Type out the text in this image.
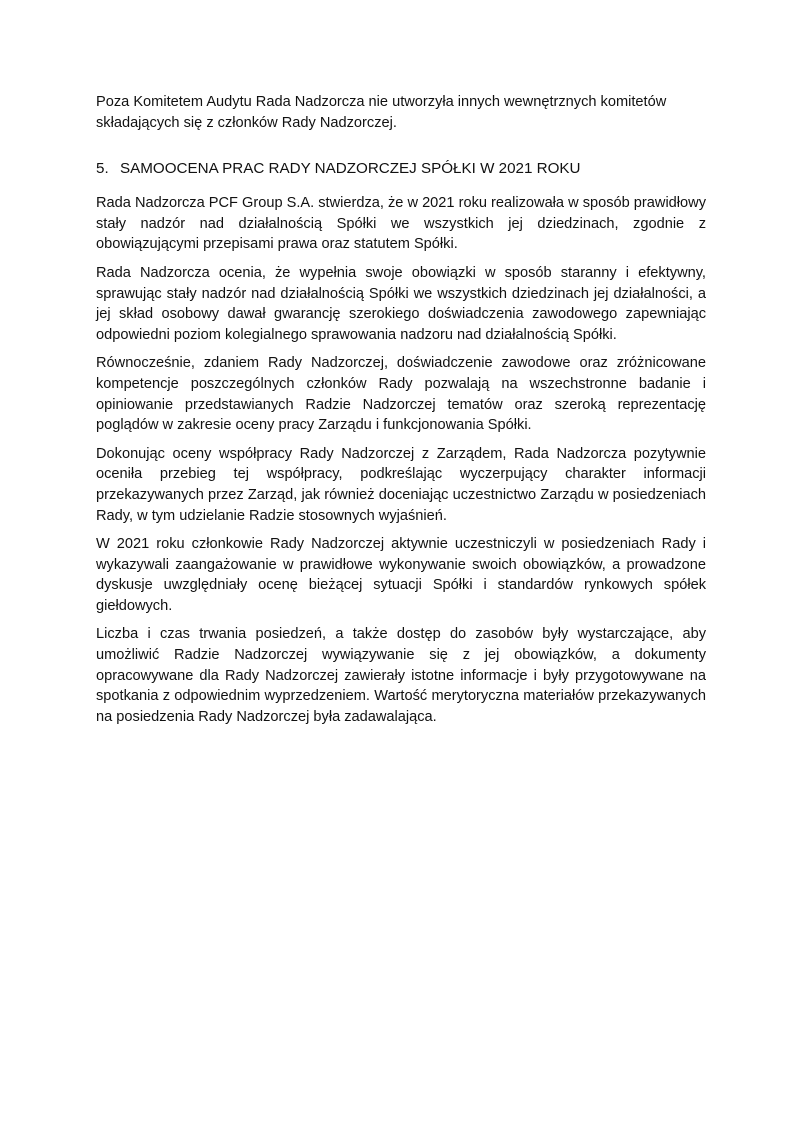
Poza Komitetem Audytu Rada Nadzorcza nie utworzyła innych wewnętrznych komitetów składających się z członków Rady Nadzorczej.

5. SAMOOCENA PRAC RADY NADZORCZEJ SPÓŁKI W 2021 ROKU

Rada Nadzorcza PCF Group S.A. stwierdza, że w 2021 roku realizowała w sposób prawidłowy stały nadzór nad działalnością Spółki we wszystkich jej dziedzinach, zgodnie z obowiązującymi przepisami prawa oraz statutem Spółki.

Rada Nadzorcza ocenia, że wypełnia swoje obowiązki w sposób staranny i efektywny, sprawując stały nadzór nad działalnością Spółki we wszystkich dziedzinach jej działalności, a jej skład osobowy dawał gwarancję szerokiego doświadczenia zawodowego zapewniając odpowiedni poziom kolegialnego sprawowania nadzoru nad działalnością Spółki.

Równocześnie, zdaniem Rady Nadzorczej, doświadczenie zawodowe oraz zróżnicowane kompetencje poszczególnych członków Rady pozwalają na wszechstronne badanie i opiniowanie przedstawianych Radzie Nadzorczej tematów oraz szeroką reprezentację poglądów w zakresie oceny pracy Zarządu i funkcjonowania Spółki.

Dokonując oceny współpracy Rady Nadzorczej z Zarządem, Rada Nadzorcza pozytywnie oceniła przebieg tej współpracy, podkreślając wyczerpujący charakter informacji przekazywanych przez Zarząd, jak również doceniając uczestnictwo Zarządu w posiedzeniach Rady, w tym udzielanie Radzie stosownych wyjaśnień.

W 2021 roku członkowie Rady Nadzorczej aktywnie uczestniczyli w posiedzeniach Rady i wykazywali zaangażowanie w prawidłowe wykonywanie swoich obowiązków, a prowadzone dyskusje uwzględniały ocenę bieżącej sytuacji Spółki i standardów rynkowych spółek giełdowych.

Liczba i czas trwania posiedzeń, a także dostęp do zasobów były wystarczające, aby umożliwić Radzie Nadzorczej wywiązywanie się z jej obowiązków, a dokumenty opracowywane dla Rady Nadzorczej zawierały istotne informacje i były przygotowywane na spotkania z odpowiednim wyprzedzeniem. Wartość merytoryczna materiałów przekazywanych na posiedzenia Rady Nadzorczej była zadawalająca.
